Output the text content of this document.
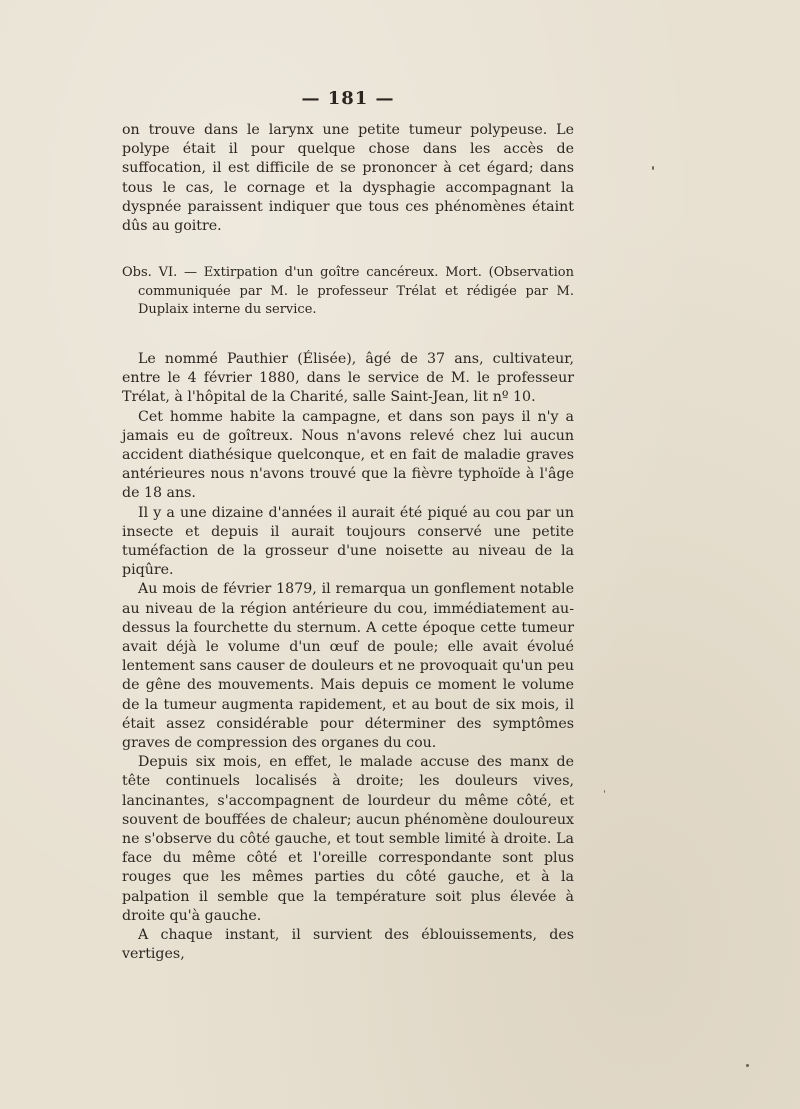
— 181 —

on trouve dans le larynx une petite tumeur polypeuse. Le polype était il pour quelque chose dans les accès de suffocation, il est difficile de se prononcer à cet égard; dans tous le cas, le cornage et la dysphagie accompagnant la dyspnée paraissent indiquer que tous ces phénomènes étaint dûs au goitre.

Obs. VI. — Extirpation d'un goître cancéreux. Mort. (Observation communiquée par M. le professeur Trélat et rédigée par M. Duplaix interne du service.

Le nommé Pauthier (Élisée), âgé de 37 ans, cultivateur, entre le 4 février 1880, dans le service de M. le professeur Trélat, à l'hôpital de la Charité, salle Saint-Jean, lit nº 10.

Cet homme habite la campagne, et dans son pays il n'y a jamais eu de goîtreux. Nous n'avons relevé chez lui aucun accident diathésique quelconque, et en fait de maladie graves antérieures nous n'avons trouvé que la fièvre typhoïde à l'âge de 18 ans.

Il y a une dizaine d'années il aurait été piqué au cou par un insecte et depuis il aurait toujours conservé une petite tuméfaction de la grosseur d'une noisette au niveau de la piqûre.

Au mois de février 1879, il remarqua un gonflement notable au niveau de la région antérieure du cou, immédiatement au-dessus la fourchette du sternum. A cette époque cette tumeur avait déjà le volume d'un œuf de poule; elle avait évolué lentement sans causer de douleurs et ne provoquait qu'un peu de gêne des mouvements. Mais depuis ce moment le volume de la tumeur augmenta rapidement, et au bout de six mois, il était assez considérable pour déterminer des symptômes graves de compression des organes du cou.

Depuis six mois, en effet, le malade accuse des manx de tête continuels localisés à droite; les douleurs vives, lancinantes, s'accompagnent de lourdeur du même côté, et souvent de bouffées de chaleur; aucun phénomène douloureux ne s'observe du côté gauche, et tout semble limité à droite. La face du même côté et l'oreille correspondante sont plus rouges que les mêmes parties du côté gauche, et à la palpation il semble que la température soit plus élevée à droite qu'à gauche.

A chaque instant, il survient des éblouissements, des vertiges,
